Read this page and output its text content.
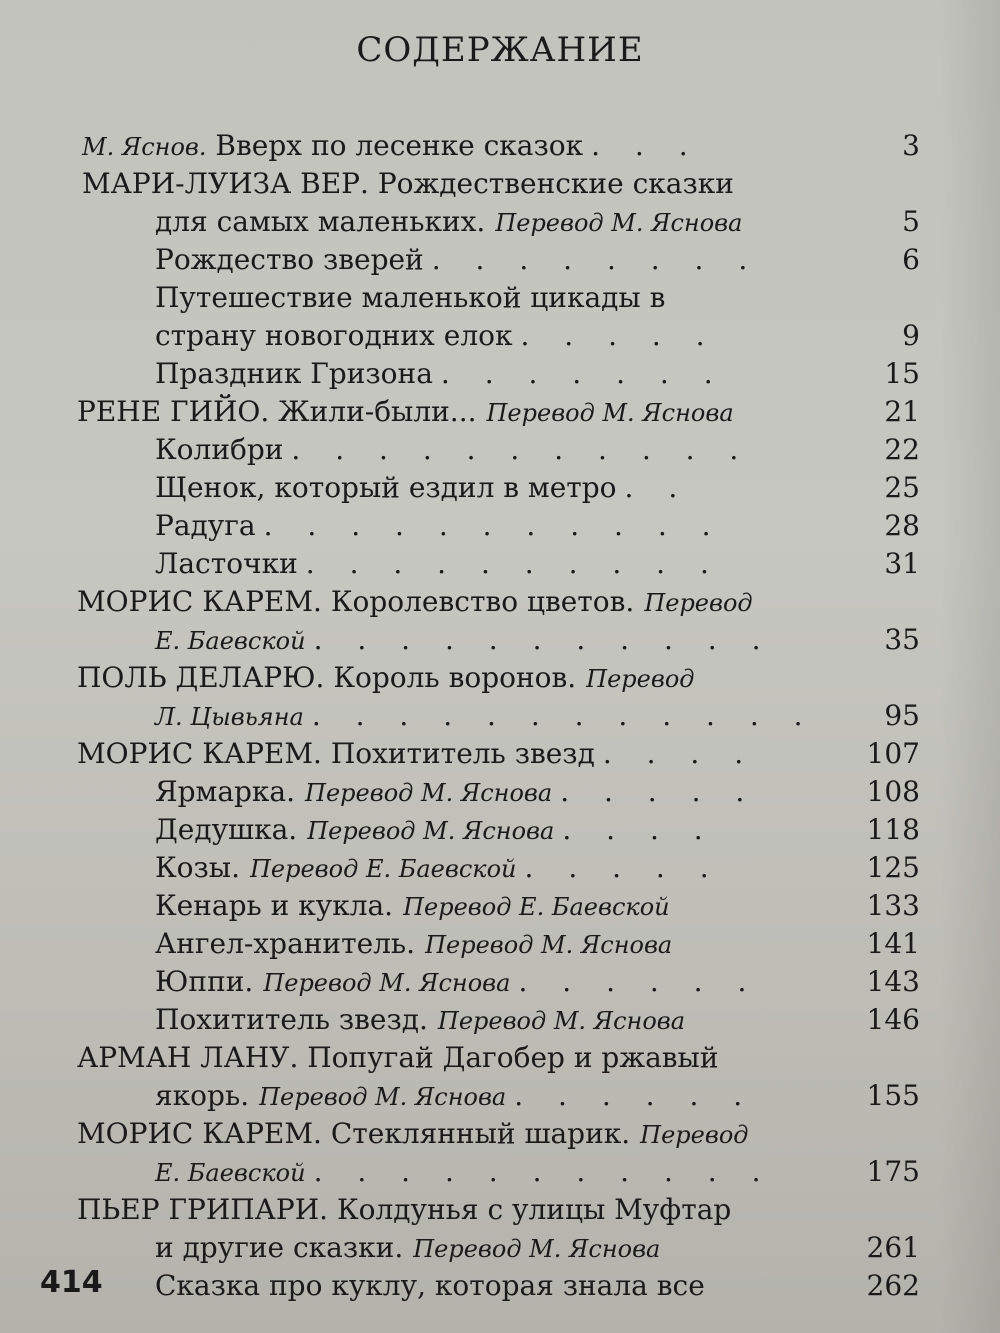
СОДЕРЖАНИЕ
М. Яснов. Вверх по лесенке сказок . . .	3
МАРИ-ЛУИЗА ВЕР. Рождественские сказки
для самых маленьких. Перевод М. Яснова	5
Рождество зверей . . . . . . . .	6
Путешествие маленькой цикады в
страну новогодних елок . . . . .	9
Праздник Гризона . . . . . . .	15
РЕНЕ ГИЙО. Жили-были... Перевод М. Яснова	21
Колибри . . . . . . . . . . .	22
Щенок, который ездил в метро . .	25
Радуга . . . . . . . . . . .	28
Ласточки . . . . . . . . . .	31
МОРИС КАРЕМ. Королевство цветов. Перевод
Е. Баевской . . . . . . . . . . .	35
ПОЛЬ ДЕЛАРЮ. Король воронов. Перевод
Л. Цывьяна . . . . . . . . . . . .	95
МОРИС КАРЕМ. Похититель звезд . . . .	107
Ярмарка. Перевод М. Яснова . . . . .	108
Дедушка. Перевод М. Яснова . . . .	118
Козы. Перевод Е. Баевской . . . . .	125
Кенарь и кукла. Перевод Е. Баевской	133
Ангел-хранитель. Перевод М. Яснова	141
Юппи. Перевод М. Яснова . . . . . .	143
Похититель звезд. Перевод М. Яснова	146
АРМАН ЛАНУ. Попугай Дагобер и ржавый
якорь. Перевод М. Яснова . . . . . .	155
МОРИС КАРЕМ. Стеклянный шарик. Перевод
Е. Баевской . . . . . . . . . . .	175
ПЬЕР ГРИПАРИ. Колдунья с улицы Муфтар
и другие сказки. Перевод М. Яснова	261
Сказка про куклу, которая знала все	262
414
